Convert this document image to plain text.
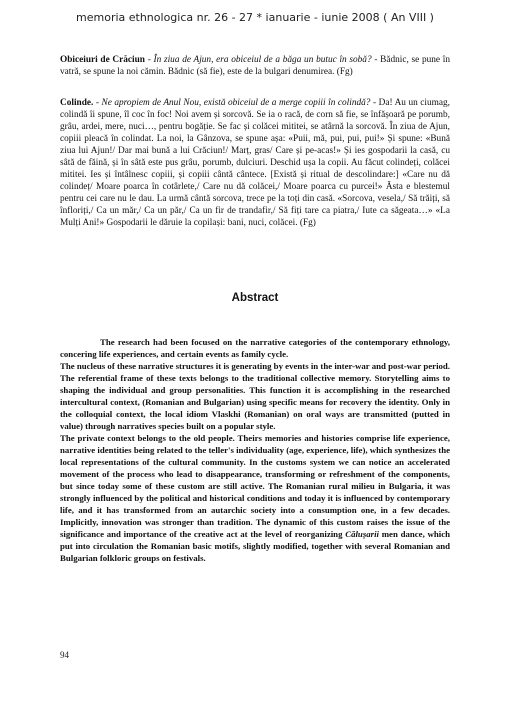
memoria ethnologica nr. 26 - 27 * ianuarie - iunie 2008 ( An VIII )
Obiceiuri de Crăciun - În ziua de Ajun, era obiceiul de a băga un butuc în sobă? - Bădnic, se pune în vatră, se spune la noi cămin. Bădnic (să fie), este de la bulgari denumirea. (Fg)
Colinde. - Ne apropiem de Anul Nou, există obiceiul de a merge copiii în colindă? - Da! Au un ciumag, colindă îi spune, îl coc în foc! Noi avem și sorcovă. Se ia o racă, de corn să fie, se înfășoară pe porumb, grâu, ardei, mere, nuci…, pentru bogăție. Se fac și colăcei mititei, se atârnă la sorcovă. În ziua de Ajun, copiii pleacă în colindat. La noi, la Gânzova, se spune așa: «Puii, mă, pui, pui, pui!» Și spune: «Bună ziua lui Ajun!/ Dar mai bună a lui Crăciun!/ Marț, gras/ Care și pe-acas!» Și ies gospodarii la casă, cu sâtă de făină, și în sâtă este pus grâu, porumb, dulciuri. Deschid ușa la copii. Au făcut colindeți, colăcei mititei. Ies și întâlnesc copiii, și copiii cântă cântece. [Există și ritual de descolindare:] «Care nu dă colindeț/ Moare poarca în cotârlete,/ Care nu dă colăcei,/ Moare poarca cu purcei!» Ăsta e blestemul pentru cei care nu le dau. La urmă cântă sorcova, trece pe la toți din casă. «Sorcova, vesela,/ Să trăiți, să înfloriți,/ Ca un măr,/ Ca un păr,/ Ca un fir de trandafir,/ Să fiți tare ca piatra,/ Iute ca săgeata…» «La Mulți Ani!» Gospodarii le dăruie la copilași: bani, nuci, colăcei. (Fg)
Abstract

The research had been focused on the narrative categories of the contemporary ethnology, concering life experiences, and certain events as family cycle.

The nucleus of these narrative structures it is generating by events in the inter-war and post-war period. The referential frame of these texts belongs to the traditional collective memory. Storytelling aims to shaping the individual and group personalities. This function it is accomplishing in the researched intercultural context, (Romanian and Bulgarian) using specific means for recovery the identity. Only in the colloquial context, the local idiom Vlaskhi (Romanian) on oral ways are transmitted (putted in value) through narratives species built on a popular style.

The private context belongs to the old people. Theirs memories and histories comprise life experience, narrative identities being related to the teller's individuality (age, experience, life), which synthesizes the local representations of the cultural community. In the customs system we can notice an accelerated movement of the process who lead to disappearance, transforming or refreshment of the components, but since today some of these custom are still active. The Romanian rural milieu in Bulgaria, it was strongly influenced by the political and historical conditions and today it is influenced by contemporary life, and it has transformed from an autarchic society into a consumption one, in a few decades. Implicitly, innovation was stronger than tradition. The dynamic of this custom raises the issue of the significance and importance of the creative act at the level of reorganizing Călușarii men dance, which put into circulation the Romanian basic motifs, slightly modified, together with several Romanian and Bulgarian folkloric groups on festivals.

94
